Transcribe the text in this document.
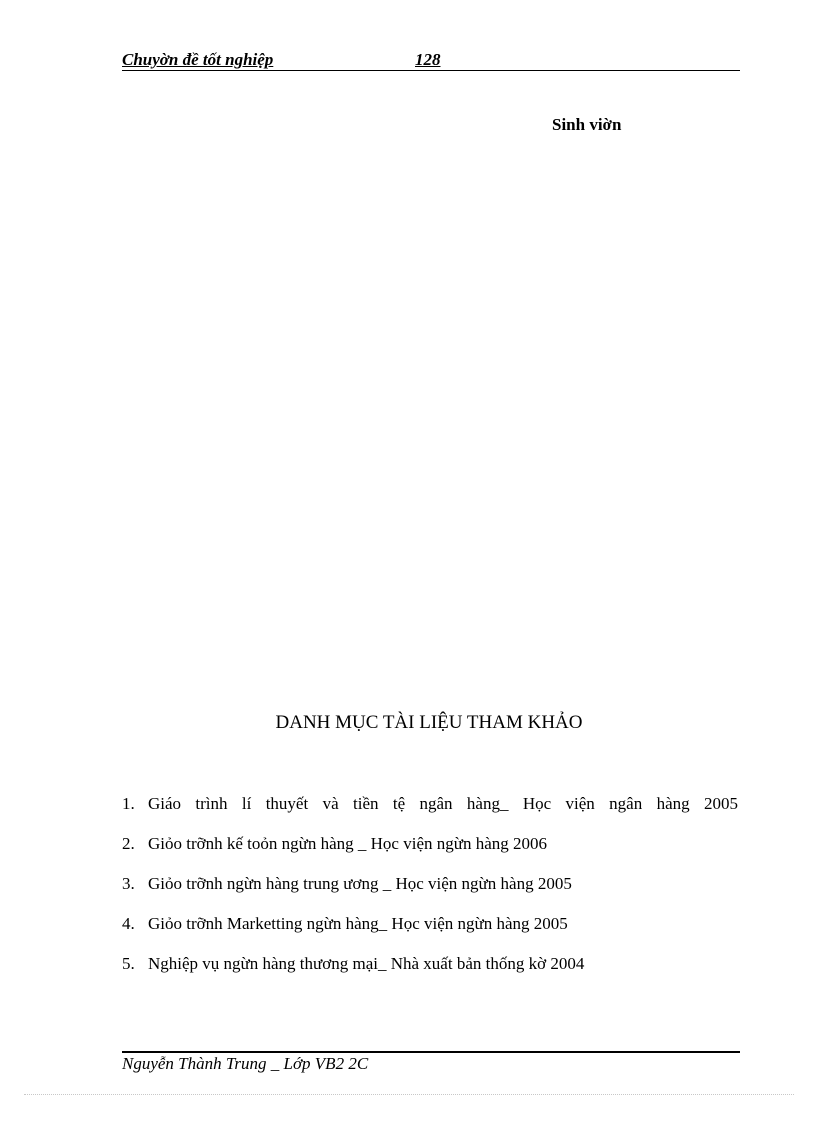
Chuyờn đề tốt nghiệp	128
Sinh viờn
DANH MỤC TÀI LIỆU THAM KHẢO
1. Giáo trình lí thuyết và tiền tệ ngân hàng_ Học viện ngân hàng 2005
2. Giỏo trỡnh kế toỏn ngừn hàng _ Học viện ngừn hàng 2006
3. Giỏo trỡnh ngừn hàng trung ương _ Học viện ngừn hàng 2005
4. Giỏo trỡnh Marketting ngừn hàng_ Học viện ngừn hàng 2005
5. Nghiệp vụ ngừn hàng thương mại_ Nhà xuất bản thống kờ 2004
Nguyễn Thành Trung _ Lớp VB2 2C
